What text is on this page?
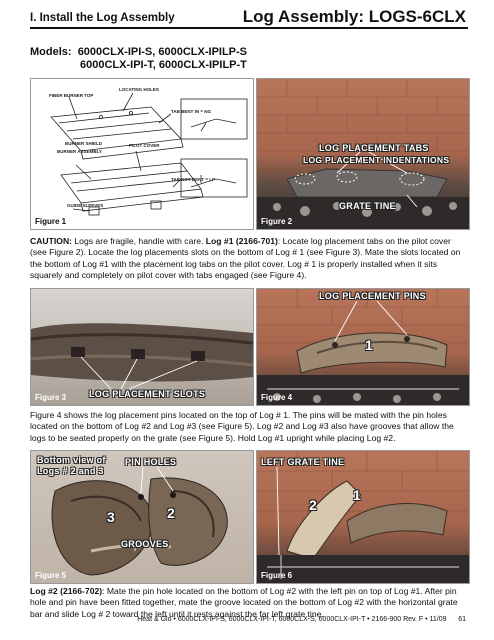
I. Install the Log Assembly	Log Assembly: LOGS-6CLX
Models: 6000CLX-IPI-S, 6000CLX-IPILP-S
6000CLX-IPI-T, 6000CLX-IPILP-T
FIBER BURNER TOP
LOCATING HOLES
TAB BENT IN = NG
BURNER SHIELD
BURNER ASSEMBLY
PILOT COVER
TAB NOT BENT = LP
GUIDE SLEEVES
Figure 1
LOG PLACEMENT TABS
LOG PLACEMENT INDENTATIONS
GRATE TINE
Figure 2
CAUTION: Logs are fragile, handle with care. Log #1 (2166-701): Locate log placement tabs on the pilot cover (see Figure 2). Locate the log placements slots on the bottom of Log # 1 (see Figure 3). Mate the slots located on the bottom of Log #1 with the placement log tabs on the pilot cover. Log # 1 is properly installed when it sits squarely and completely on pilot cover with tabs engaged (see Figure 4).
LOG PLACEMENT SLOTS
Figure 3
LOG PLACEMENT PINS
1
Figure 4
Figure 4 shows the log placement pins located on the top of Log # 1. The pins will be mated with the pin holes located on the bottom of Log #2 and Log #3 (see Figure 5). Log #2 and Log #3 also have grooves that allow the logs to be seated properly on the grate (see Figure 5). Hold Log #1 upright while placing Log #2.
Bottom view of
Logs # 2 and 3
PIN HOLES
GROOVES
3	2
Figure 5
LEFT GRATE TINE
2
1
Figure 6
Log #2 (2166-702): Mate the pin hole located on the bottom of Log #2 with the left pin on top of Log #1. After pin hole and pin have been fitted together, mate the groove located on the bottom of Log #2 with the horizontal grate bar and slide Log # 2 toward the left until it rests against the far left grate tine.
Heat & Glo • 6000CLX-IPI-S, 6000CLX-IPI-T, 6000CLX-S, 6000CLX-IPI-T • 2166-900 Rev. F • 11/09 61
